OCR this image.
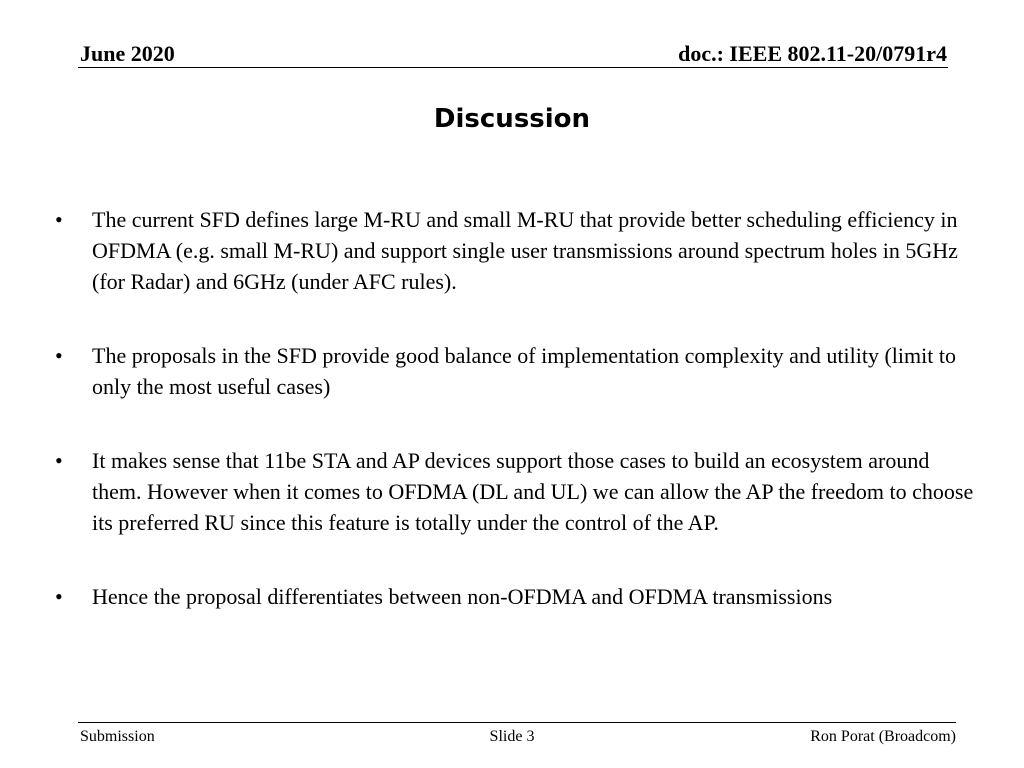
June 2020	doc.: IEEE 802.11-20/0791r4
Discussion
• The current SFD defines large M-RU and small M-RU that provide better scheduling efficiency in OFDMA (e.g. small M-RU) and support single user transmissions around spectrum holes in 5GHz (for Radar) and 6GHz (under AFC rules).
• The proposals in the SFD provide good balance of implementation complexity and utility (limit to only the most useful cases)
• It makes sense that 11be STA and AP devices support those cases to build an ecosystem around them. However when it comes to OFDMA (DL and UL) we can allow the AP the freedom to choose its preferred RU since this feature is totally under the control of the AP.
• Hence the proposal differentiates between non-OFDMA and OFDMA transmissions
Submission	Slide 3	Ron Porat (Broadcom)
